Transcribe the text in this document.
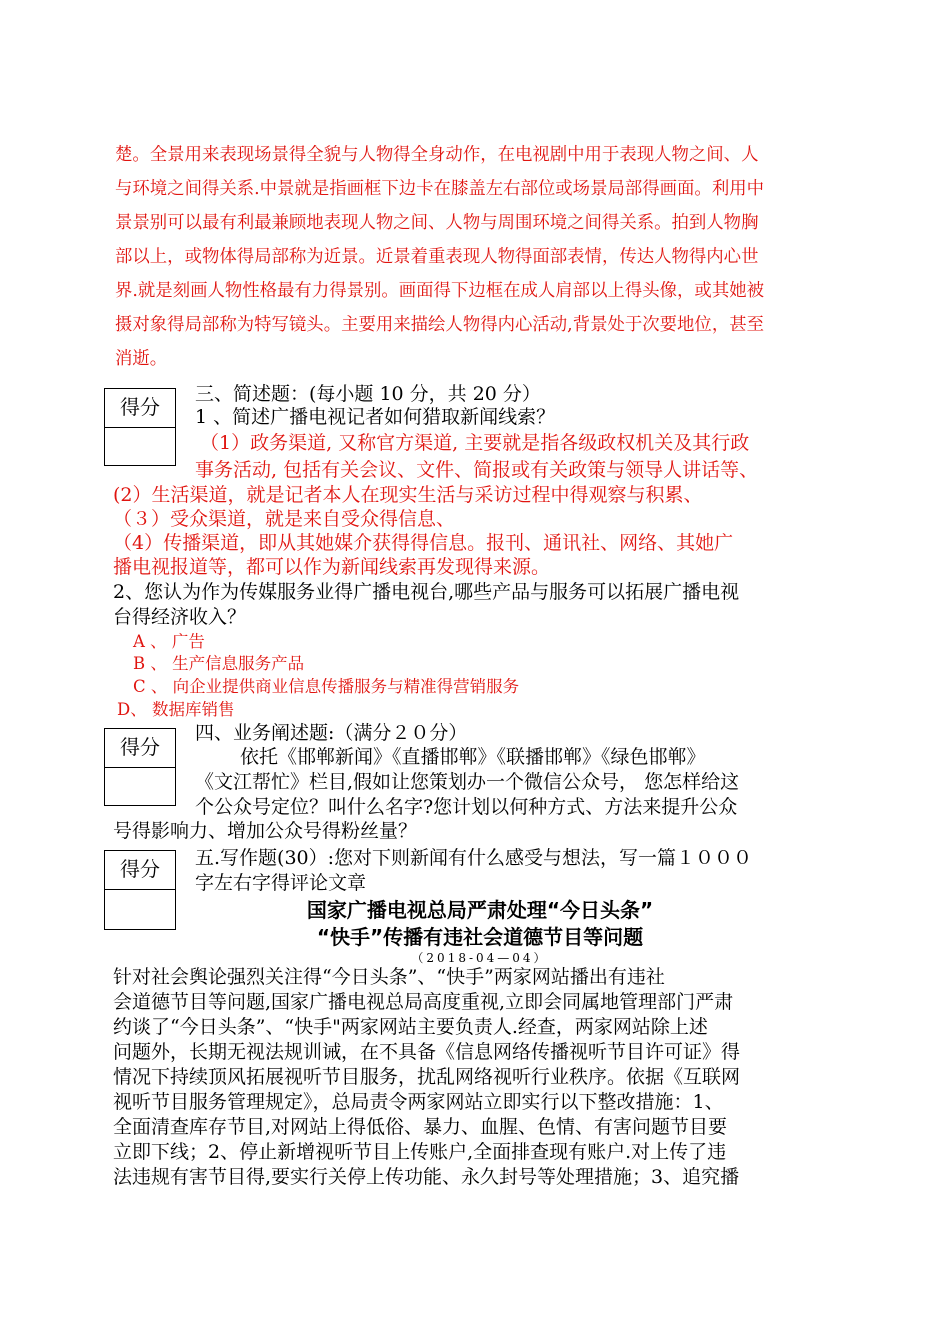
楚。全景用来表现场景得全貌与人物得全身动作，在电视剧中用于表现人物之间、人
与环境之间得关系.中景就是指画框下边卡在膝盖左右部位或场景局部得画面。利用中
景景别可以最有利最兼顾地表现人物之间、人物与周围环境之间得关系。拍到人物胸
部以上，或物体得局部称为近景。近景着重表现人物得面部表情，传达人物得内心世
界.就是刻画人物性格最有力得景别。画面得下边框在成人肩部以上得头像，或其她被
摄对象得局部称为特写镜头。主要用来描绘人物得内心活动,背景处于次要地位，甚至
消逝。
得分
三、简述题：(每小题 10 分，共 20 分）
1 、简述广播电视记者如何猎取新闻线索？
（1）政务渠道, 又称官方渠道, 主要就是指各级政权机关及其行政
事务活动, 包括有关会议、文件、简报或有关政策与领导人讲话等、
(2）生活渠道，就是记者本人在现实生活与采访过程中得观察与积累、
（３）受众渠道，就是来自受众得信息、
（4）传播渠道，即从其她媒介获得得信息。报刊、通讯社、网络、其她广
播电视报道等，都可以作为新闻线索再发现得来源。
2、您认为作为传媒服务业得广播电视台,哪些产品与服务可以拓展广播电视
台得经济收入？
A 、 广告
B 、 生产信息服务产品
C 、 向企业提供商业信息传播服务与精准得营销服务
D、 数据库销售
得分
四、业务阐述题:（满分２０分）
依托《邯郸新闻》《直播邯郸》《联播邯郸》《绿色邯郸》
《文江帮忙》栏目,假如让您策划办一个微信公众号， 您怎样给这
个公众号定位？叫什么名字?您计划以何种方式、方法来提升公众
号得影响力、增加公众号得粉丝量？
得分	五.写作题(30）:您对下则新闻有什么感受与想法，写一篇１０００
字左右字得评论文章
国家广播电视总局严肃处理“今日头条”
“快手”传播有违社会道德节目等问题
（2018-04—04）
针对社会舆论强烈关注得“今日头条”、“快手”两家网站播出有违社
会道德节目等问题,国家广播电视总局高度重视,立即会同属地管理部门严肃
约谈了“今日头条”、“快手"两家网站主要负责人.经查，两家网站除上述
问题外，长期无视法规训诫，在不具备《信息网络传播视听节目许可证》得
情况下持续顶风拓展视听节目服务，扰乱网络视听行业秩序。依据《互联网
视听节目服务管理规定》，总局责令两家网站立即实行以下整改措施：1、
全面清查库存节目,对网站上得低俗、暴力、血腥、色情、有害问题节目要
立即下线；2、停止新增视听节目上传账户,全面排查现有账户.对上传了违
法违规有害节目得,要实行关停上传功能、永久封号等处理措施；3、追究播
